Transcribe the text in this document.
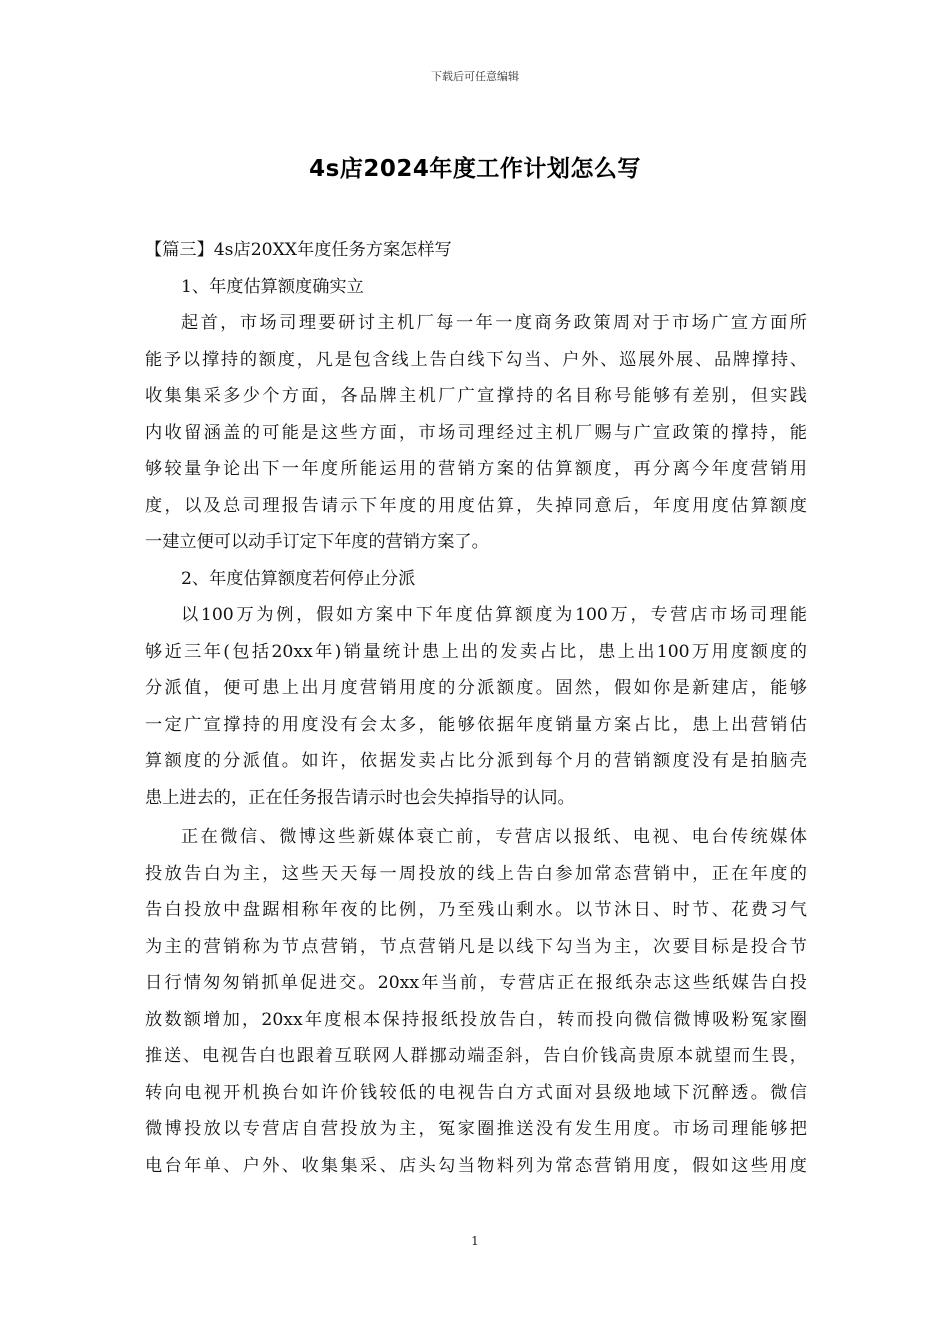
下载后可任意编辑
4s店2024年度工作计划怎么写
【篇三】4s店20XX年度任务方案怎样写
1、年度估算额度确实立
起首，市场司理要研讨主机厂每一年一度商务政策周对于市场广宣方面所
能予以撑持的额度，凡是包含线上告白线下勾当、户外、巡展外展、品牌撑持、
收集集采多少个方面，各品牌主机厂广宣撑持的名目称号能够有差别，但实践
内收留涵盖的可能是这些方面，市场司理经过主机厂赐与广宣政策的撑持，能
够较量争论出下一年度所能运用的营销方案的估算额度，再分离今年度营销用
度，以及总司理报告请示下年度的用度估算，失掉同意后，年度用度估算额度
一建立便可以动手订定下年度的营销方案了。
2、年度估算额度若何停止分派
以100万为例，假如方案中下年度估算额度为100万，专营店市场司理能
够近三年(包括20xx年)销量统计患上出的发卖占比，患上出100万用度额度的
分派值，便可患上出月度营销用度的分派额度。固然，假如你是新建店，能够
一定广宣撑持的用度没有会太多，能够依据年度销量方案占比，患上出营销估
算额度的分派值。如许，依据发卖占比分派到每个月的营销额度没有是拍脑壳
患上进去的，正在任务报告请示时也会失掉指导的认同。
正在微信、微博这些新媒体衰亡前，专营店以报纸、电视、电台传统媒体
投放告白为主，这些天天每一周投放的线上告白参加常态营销中，正在年度的
告白投放中盘踞相称年夜的比例，乃至残山剩水。以节沐日、时节、花费习气
为主的营销称为节点营销，节点营销凡是以线下勾当为主，次要目标是投合节
日行情匆匆销抓单促进交。20xx年当前，专营店正在报纸杂志这些纸媒告白投
放数额增加，20xx年度根本保持报纸投放告白，转而投向微信微博吸粉冤家圈
推送、电视告白也跟着互联网人群挪动端歪斜，告白价钱高贵原本就望而生畏，
转向电视开机换台如许价钱较低的电视告白方式面对县级地域下沉醉透。微信
微博投放以专营店自营投放为主，冤家圈推送没有发生用度。市场司理能够把
电台年单、户外、收集集采、店头勾当物料列为常态营销用度，假如这些用度
1
